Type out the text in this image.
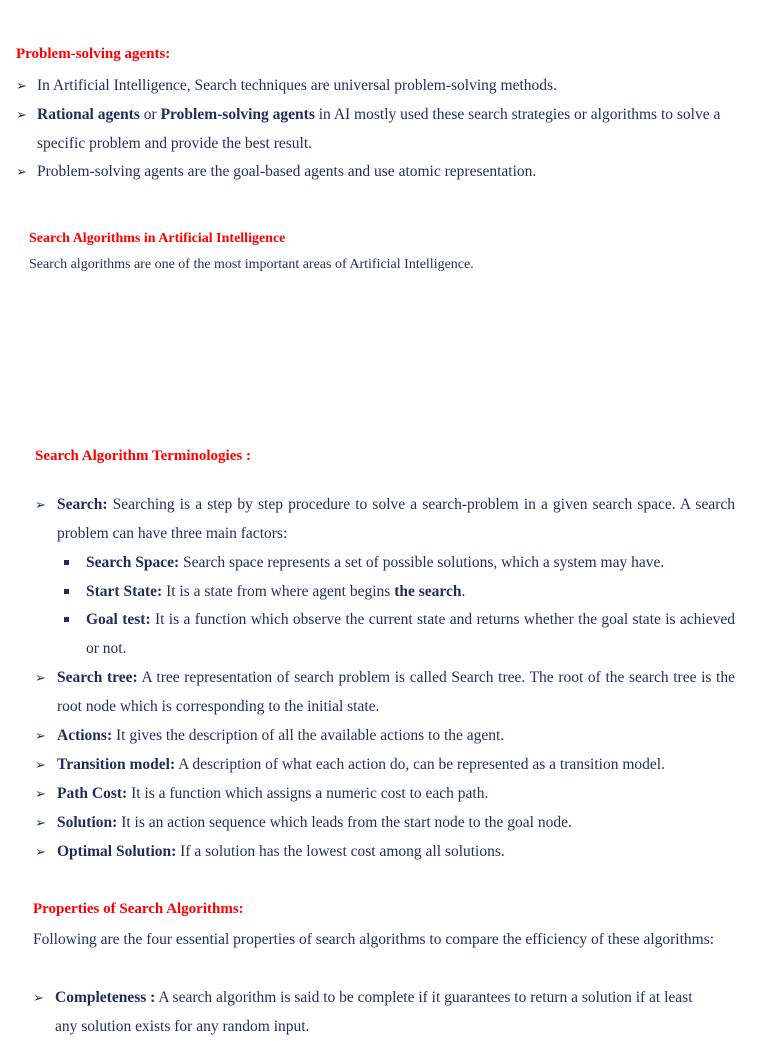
Problem-solving agents:
➢ In Artificial Intelligence, Search techniques are universal problem-solving methods.
➢ Rational agents or Problem-solving agents in AI mostly used these search strategies or algorithms to solve a specific problem and provide the best result.
➢ Problem-solving agents are the goal-based agents and use atomic representation.
Search Algorithms in Artificial Intelligence
Search algorithms are one of the most important areas of Artificial Intelligence.
Search Algorithm Terminologies :
➢ Search: Searching is a step by step procedure to solve a search-problem in a given search space. A search problem can have three main factors:
Search Space: Search space represents a set of possible solutions, which a system may have.
Start State: It is a state from where agent begins the search.
Goal test: It is a function which observe the current state and returns whether the goal state is achieved or not.
➢ Search tree: A tree representation of search problem is called Search tree. The root of the search tree is the root node which is corresponding to the initial state.
➢ Actions: It gives the description of all the available actions to the agent.
➢ Transition model: A description of what each action do, can be represented as a transition model.
➢ Path Cost: It is a function which assigns a numeric cost to each path.
➢ Solution: It is an action sequence which leads from the start node to the goal node.
➢ Optimal Solution: If a solution has the lowest cost among all solutions.
Properties of Search Algorithms:
Following are the four essential properties of search algorithms to compare the efficiency of these algorithms:
➢ Completeness : A search algorithm is said to be complete if it guarantees to return a solution if at least any solution exists for any random input.
